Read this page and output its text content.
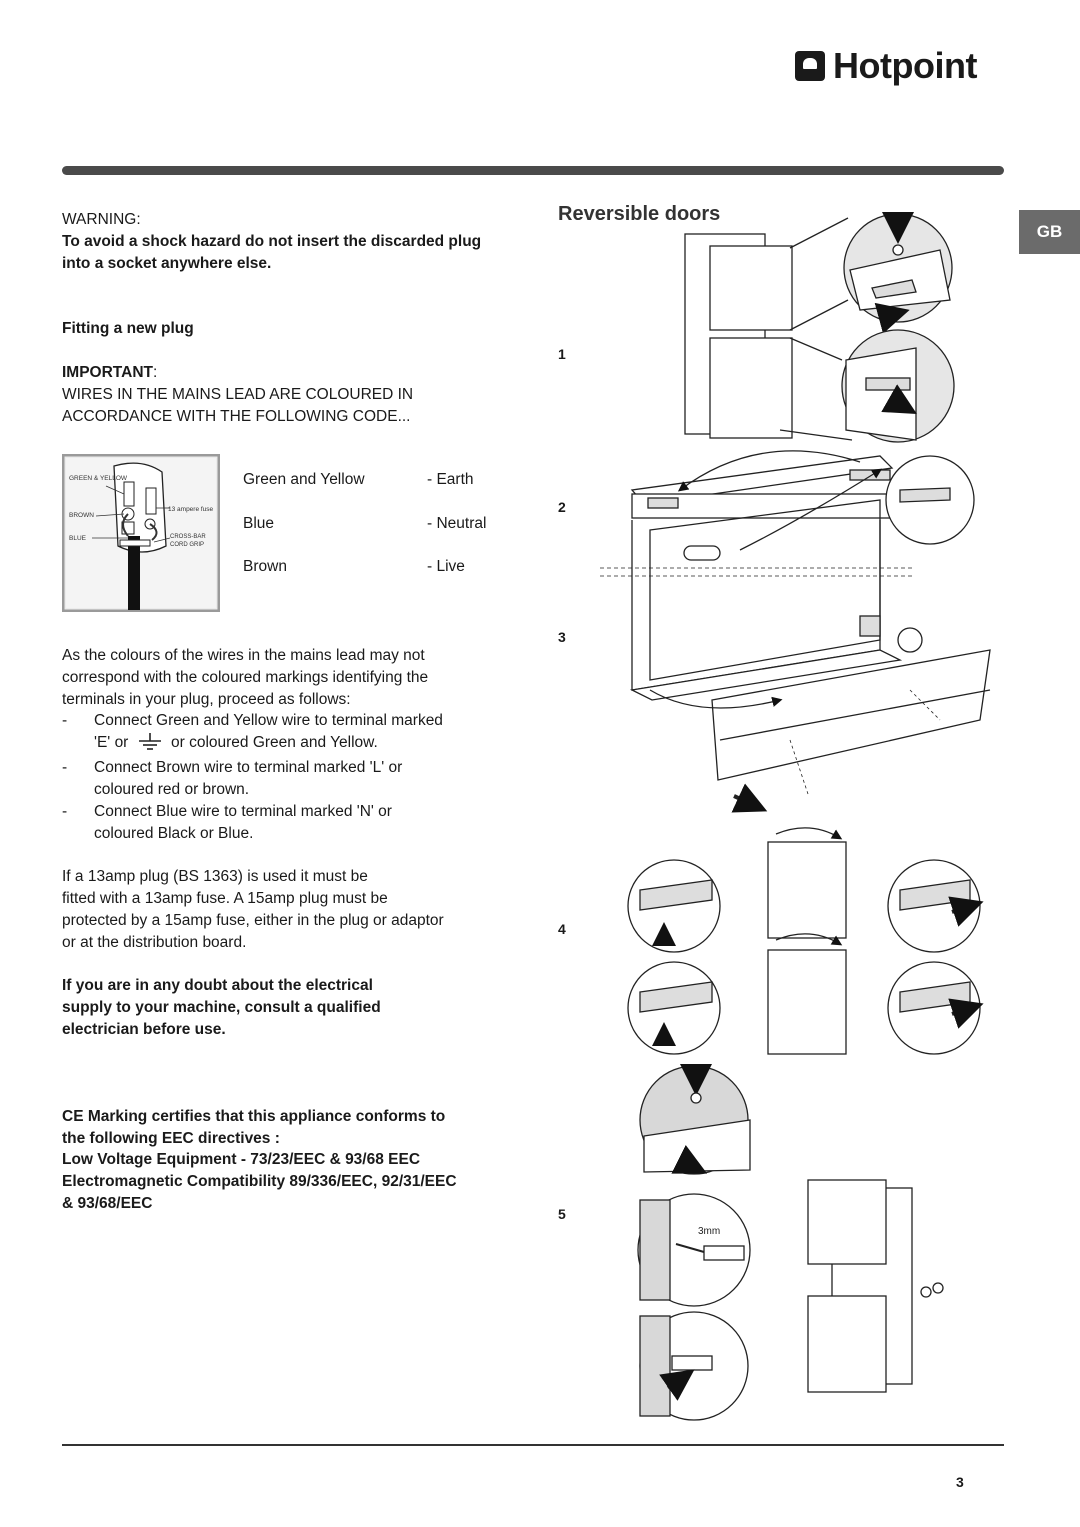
Hotpoint
GB
WARNING:
To avoid a shock hazard do not insert the discarded plug into a socket anywhere else.
Fitting a new plug
IMPORTANT:
WIRES IN THE MAINS LEAD ARE COLOURED IN
ACCORDANCE WITH THE FOLLOWING CODE...
GREEN & YELLOW
BROWN
BLUE
13 ampere fuse
CROSS-BAR
CORD GRIP
Green and Yellow	- Earth
Blue	- Neutral
Brown	- Live
As the colours of the wires in the mains lead may not
correspond with the coloured markings identifying the
terminals in your plug, proceed as follows:
- Connect Green and Yellow wire to terminal marked
'E' or	or coloured Green and Yellow.
- Connect Brown wire to terminal marked 'L' or
coloured red or brown.
- Connect Blue wire to terminal marked 'N' or
coloured Black or Blue.
If a 13amp plug (BS 1363) is used it must be
fitted with a 13amp fuse. A 15amp plug must be
protected by a 15amp fuse, either in the plug or adaptor
or at the distribution board.
If you are in any doubt about the electrical
supply to your machine, consult a qualified
electrician before use.
CE Marking certifies that this appliance conforms to
the following EEC directives :
Low Voltage Equipment - 73/23/EEC & 93/68 EEC
Electromagnetic Compatibility 89/336/EEC, 92/31/EEC
& 93/68/EEC
Reversible doors
1
2
3
4
5
3mm
3
